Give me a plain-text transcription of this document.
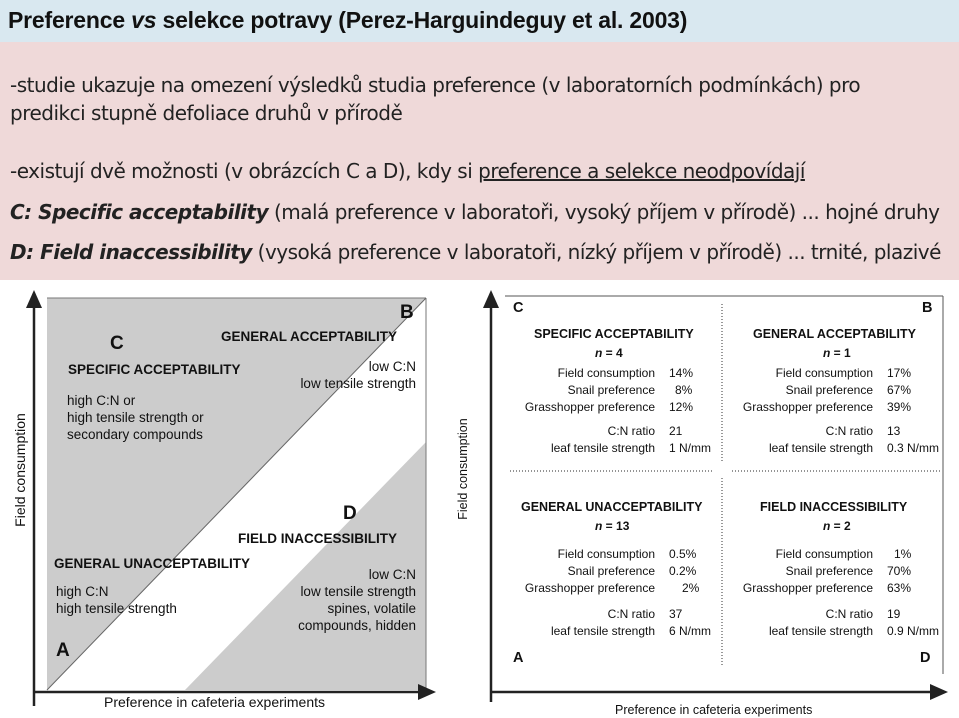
Preference vs selekce potravy (Perez-Harguindeguy et al. 2003)
-studie ukazuje na omezení výsledků studia preference (v laboratorních podmínkách) pro
predikci stupně defoliace druhů v přírodě
-existují dvě možnosti (v obrázcích C a D), kdy si preference a selekce neodpovídají
C: Specific acceptability (malá preference v laboratoři, vysoký příjem v přírodě) ... hojné druhy
D: Field inaccessibility (vysoká preference v laboratoři, nízký příjem v přírodě) ... trnité, plazivé
Field consumption
Preference in cafeteria experiments
B
GENERAL ACCEPTABILITY
low C:N
low tensile strength
C
SPECIFIC ACCEPTABILITY
high C:N or
high tensile strength or
secondary compounds
D
FIELD INACCESSIBILITY
low C:N
low tensile strength
spines, volatile
compounds, hidden
GENERAL UNACCEPTABILITY
high C:N
high tensile strength
A
Field consumption
Preference in cafeteria experiments
C
SPECIFIC ACCEPTABILITY
n = 4
Field consumption
Snail preference
Grasshopper preference
C:N ratio
leaf tensile strength
14%
8%
12%
21
1 N/mm
B
GENERAL ACCEPTABILITY
n = 1
Field consumption
Snail preference
Grasshopper preference
C:N ratio
leaf tensile strength
17%
67%
39%
13
0.3 N/mm
GENERAL UNACCEPTABILITY
n = 13
Field consumption
Snail preference
Grasshopper preference
C:N ratio
leaf tensile strength
0.5%
0.2%
2%
37
6 N/mm
A
FIELD INACCESSIBILITY
n = 2
Field consumption
Snail preference
Grasshopper preference
C:N ratio
leaf tensile strength
1%
70%
63%
19
0.9 N/mm
D
